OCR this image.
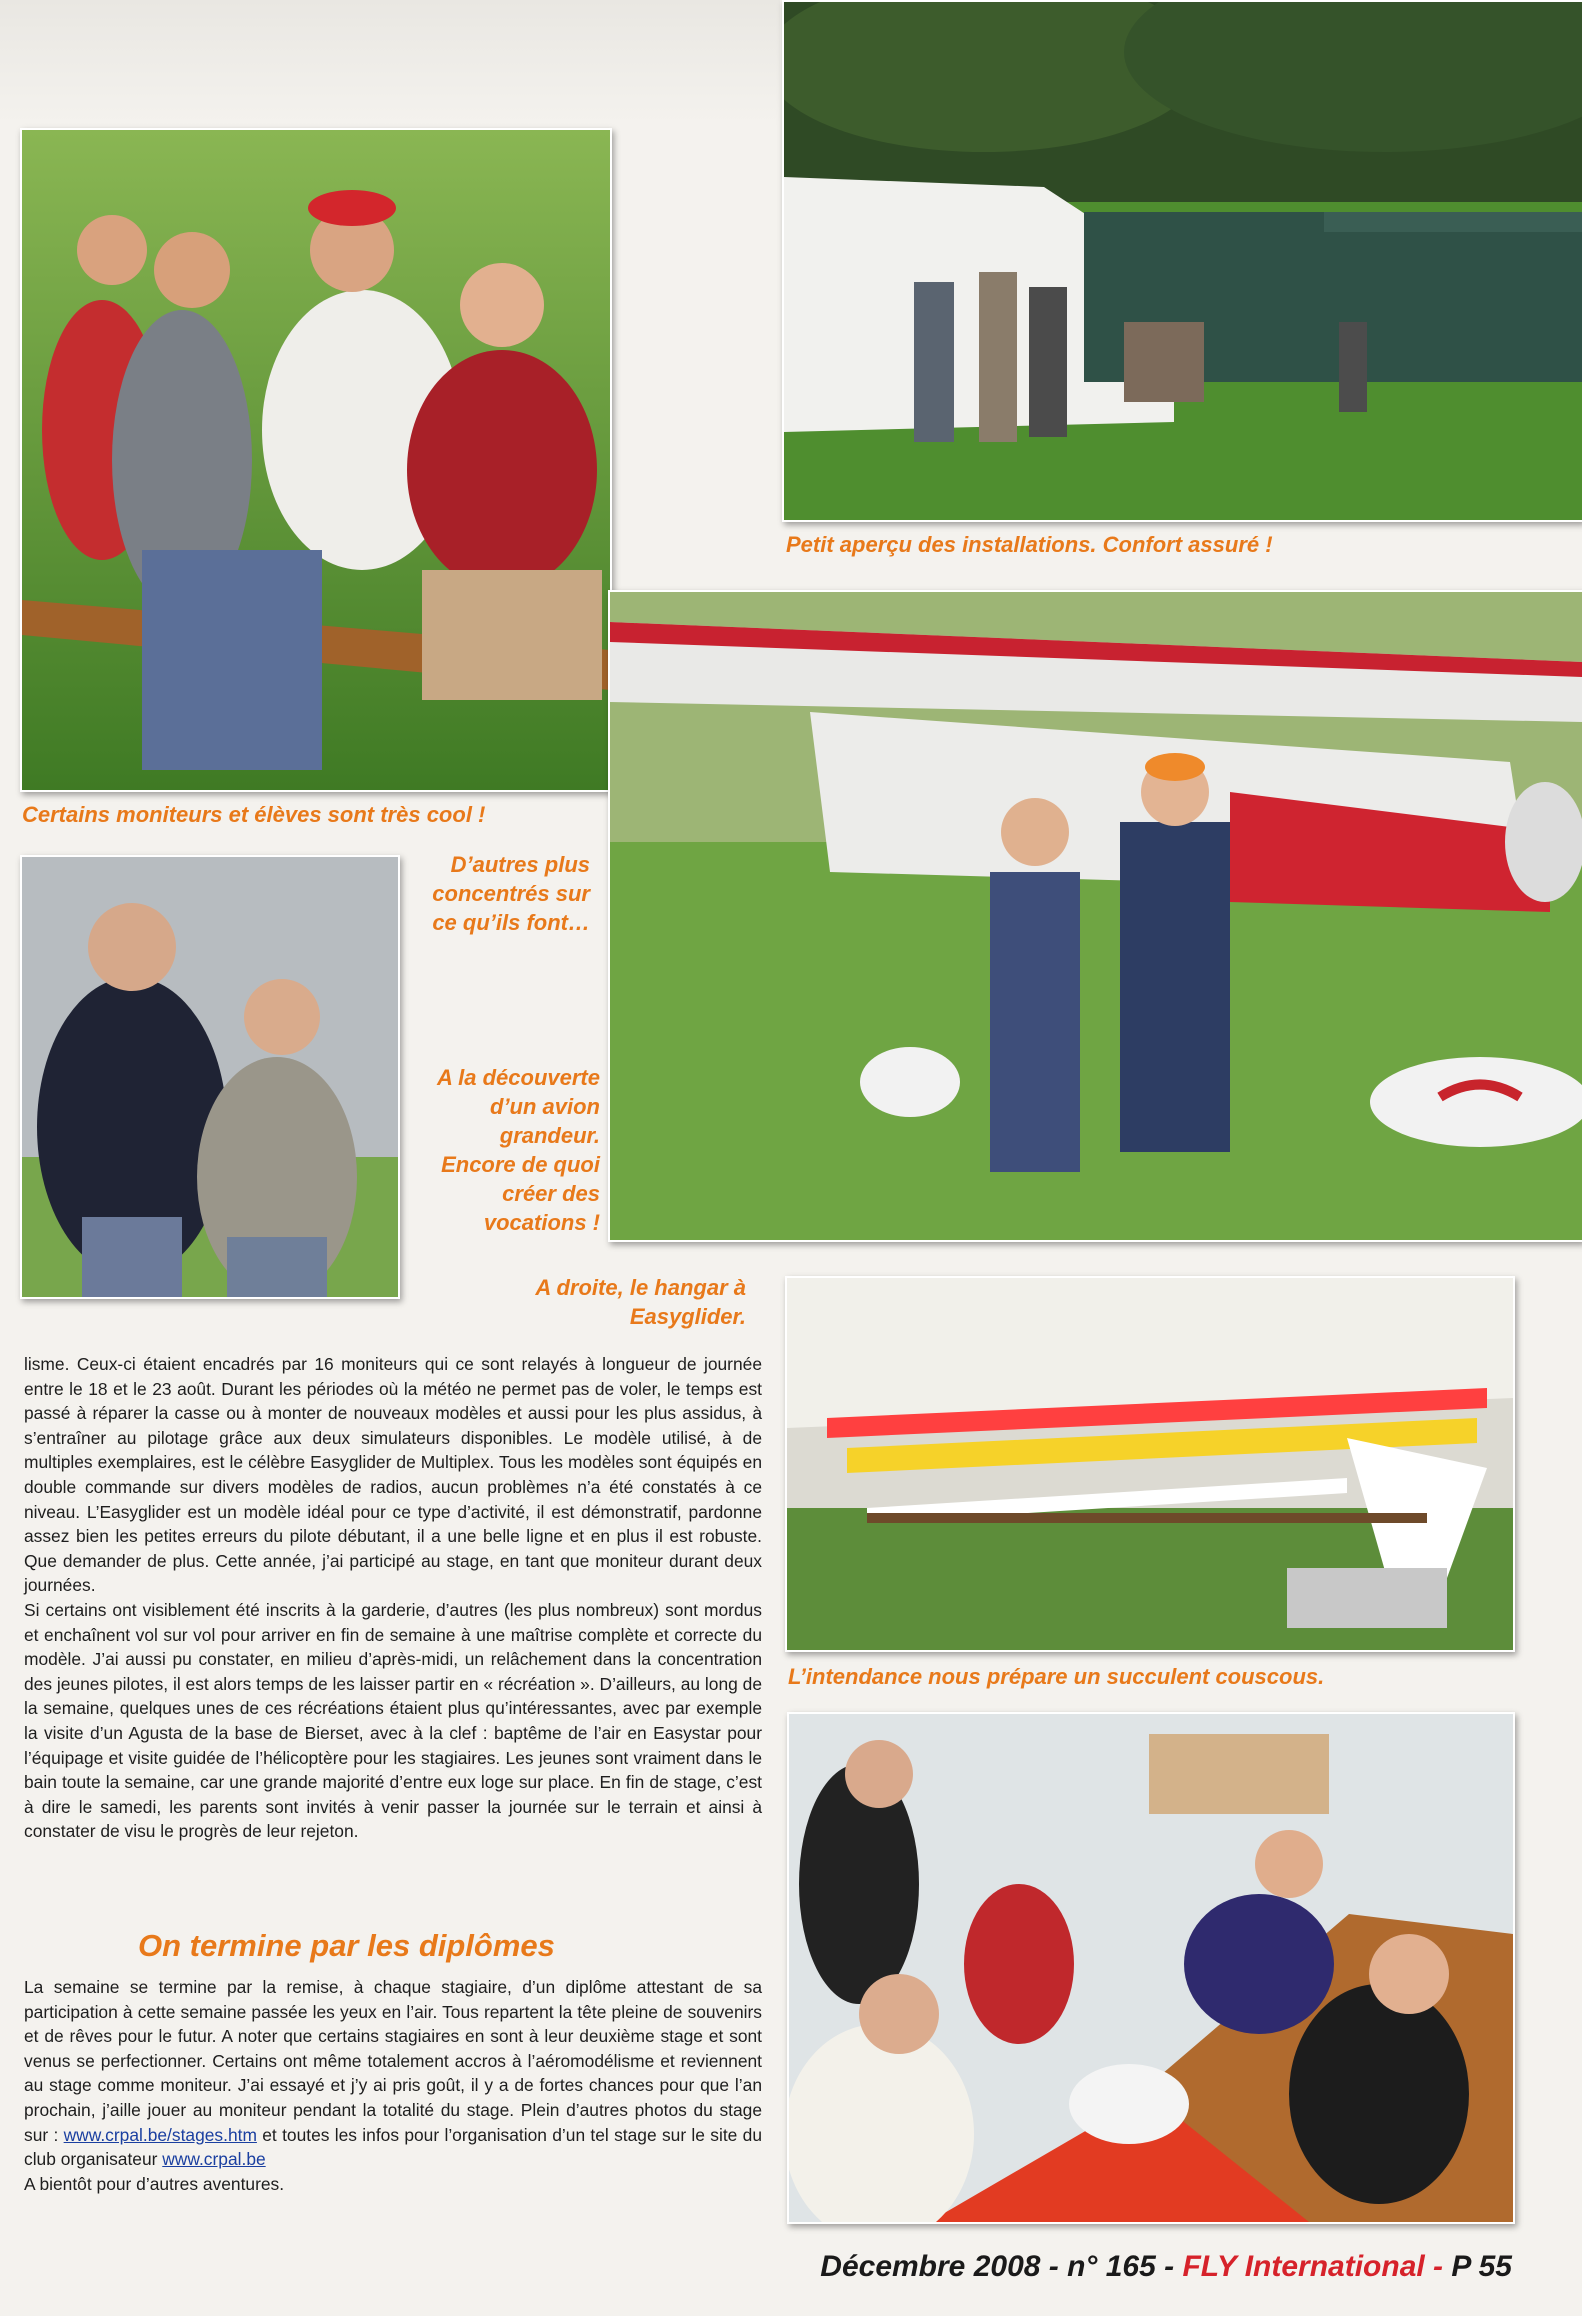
Petit aperçu des installations. Confort assuré !
Certains moniteurs et élèves sont très cool !
D’autres plus
concentrés sur
ce qu’ils font…
A la découverte
d’un avion
grandeur.
Encore de quoi
créer des
vocations !
A droite, le hangar à
Easyglider.
L’intendance nous prépare un succulent couscous.

lisme. Ceux-ci étaient encadrés par 16 moniteurs qui ce sont relayés à longueur de journée entre le 18 et le 23 août. Durant les périodes où la météo ne permet pas de voler, le temps est passé à réparer la casse ou à monter de nouveaux modèles et aussi pour les plus assidus, à s’entraîner au pilotage grâce aux deux simulateurs disponibles. Le modèle utilisé, à de multiples exemplaires, est le célèbre Easyglider de Multiplex. Tous les modèles sont équipés en double commande sur divers modèles de radios, aucun problèmes n’a été constatés à ce niveau. L’Easyglider est un modèle idéal pour ce type d’activité, il est démonstratif, pardonne assez bien les petites erreurs du pilote débutant, il a une belle ligne et en plus il est robuste. Que demander de plus. Cette année, j’ai participé au stage, en tant que moniteur durant deux journées.

Si certains ont visiblement été inscrits à la garderie, d’autres (les plus nombreux) sont mordus et enchaînent vol sur vol pour arriver en fin de semaine à une maîtrise complète et correcte du modèle. J’ai aussi pu constater, en milieu d’après-midi, un relâchement dans la concentration des jeunes pilotes, il est alors temps de les laisser partir en « récréation ». D’ailleurs, au long de la semaine, quelques unes de ces récréations étaient plus qu’intéressantes, avec par exemple la visite d’un Agusta de la base de Bierset, avec à la clef : baptême de l’air en Easystar pour l’équipage et visite guidée de l’hélicoptère pour les stagiaires. Les jeunes sont vraiment dans le bain toute la semaine, car une grande majorité d’entre eux loge sur place. En fin de stage, c’est à dire le samedi, les parents sont invités à venir passer la journée sur le terrain et ainsi à constater de visu le progrès de leur rejeton.

On termine par les diplômes

La semaine se termine par la remise, à chaque stagiaire, d’un diplôme attestant de sa participation à cette semaine passée les yeux en l’air. Tous repartent la tête pleine de souvenirs et de rêves pour le futur. A noter que certains stagiaires en sont à leur deuxième stage et sont venus se perfectionner. Certains ont même totalement accros à l’aéromodélisme et reviennent au stage comme moniteur. J’ai essayé et j’y ai pris goût, il y a de fortes chances pour que l’an prochain, j’aille jouer au moniteur pendant la totalité du stage. Plein d’autres photos du stage sur : www.crpal.be/stages.htm et toutes les infos pour l’organisation d’un tel stage sur le site du club organisateur www.crpal.be

A bientôt pour d’autres aventures.

Décembre 2008 - n° 165 - FLY International - P 55
